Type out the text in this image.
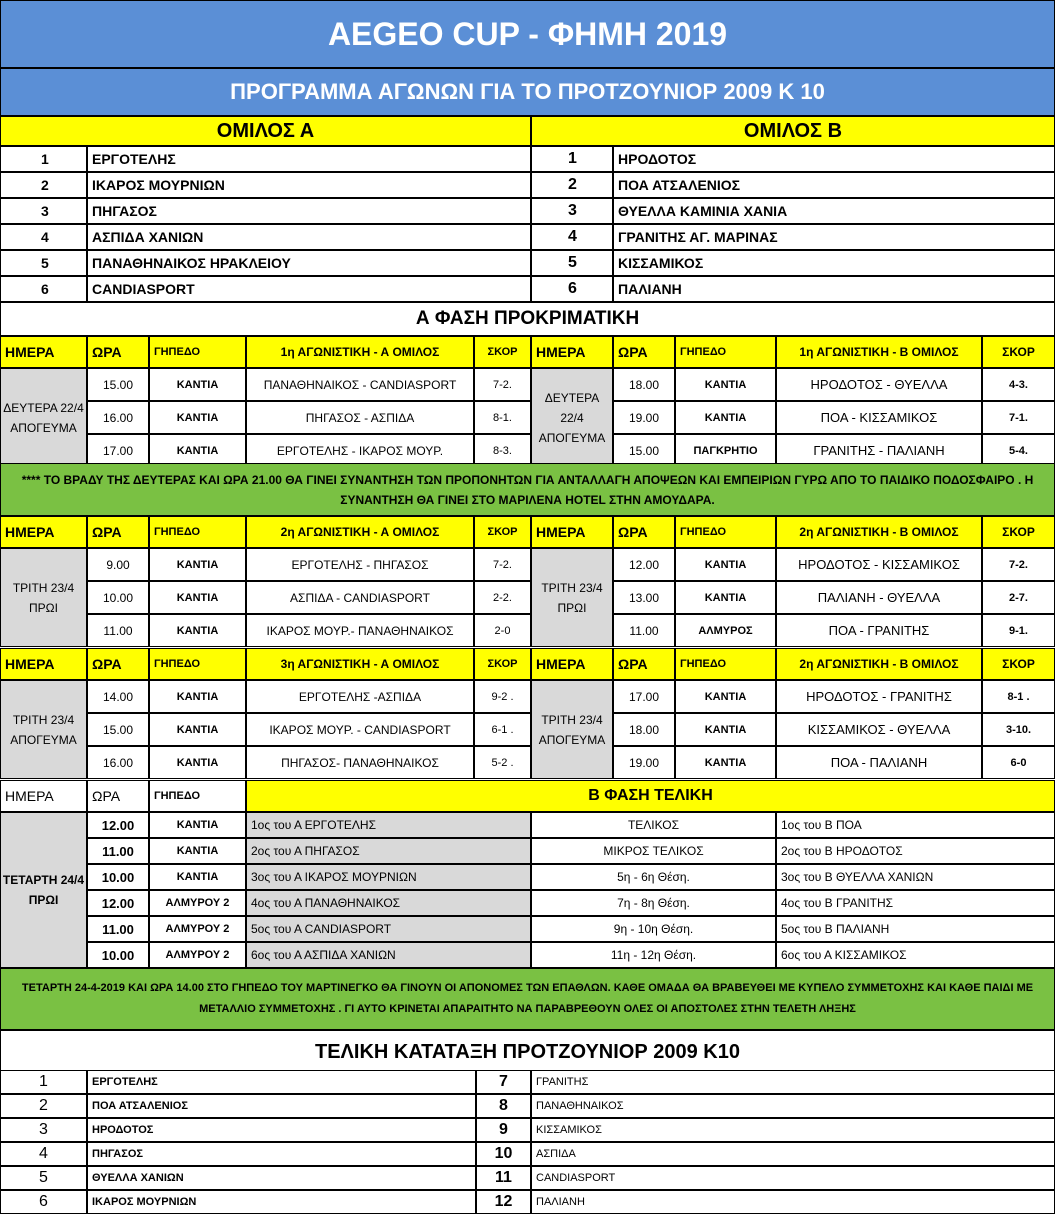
AEGEO CUP - ΦΗΜΗ 2019
ΠΡΟΓΡΑΜΜΑ ΑΓΩΝΩΝ ΓΙΑ ΤΟ ΠΡΟΤΖΟΥΝΙΟΡ 2009 Κ 10
ΟΜΙΛΟΣ Α	ΟΜΙΛΟΣ Β
1	ΕΡΓΟΤΕΛΗΣ	1	ΗΡΟΔΟΤΟΣ
2	ΙΚΑΡΟΣ ΜΟΥΡΝΙΩΝ	2	ΠΟΑ ΑΤΣΑΛΕΝΙΟΣ
3	ΠΗΓΑΣΟΣ	3	ΘΥΕΛΛΑ ΚΑΜΙΝΙΑ ΧΑΝΙΑ
4	ΑΣΠΙΔΑ ΧΑΝΙΩΝ	4	ΓΡΑΝΙΤΗΣ ΑΓ. ΜΑΡΙΝΑΣ
5	ΠΑΝΑΘΗΝΑΙΚΟΣ ΗΡΑΚΛΕΙΟΥ	5	ΚΙΣΣΑΜΙΚΟΣ
6	CANDIASPORT	6	ΠΑΛΙΑΝΗ
Α ΦΑΣΗ ΠΡΟΚΡΙΜΑΤΙΚΗ
ΗΜΕΡΑ	ΩΡΑ	ΓΗΠΕΔΟ	1η ΑΓΩΝΙΣΤΙΚΗ - Α ΟΜΙΛΟΣ	ΣΚΟΡ	ΗΜΕΡΑ	ΩΡΑ	ΓΗΠΕΔΟ	1η ΑΓΩΝΙΣΤΙΚΗ - Β ΟΜΙΛΟΣ	ΣΚΟΡ
ΔΕΥΤΕΡΑ 22/4 ΑΠΟΓΕΥΜΑ
ΔΕΥΤΕΡΑ 22/4 ΑΠΟΓΕΥΜΑ
15.00	ΚΑΝΤΙΑ	ΠΑΝΑΘΗΝΑΙΚΟΣ - CANDIASPORT	7-2.	18.00	ΚΑΝΤΙΑ	ΗΡΟΔΟΤΟΣ - ΘΥΕΛΛΑ	4-3.
16.00	ΚΑΝΤΙΑ	ΠΗΓΑΣΟΣ - ΑΣΠΙΔΑ	8-1.	19.00	ΚΑΝΤΙΑ	ΠΟΑ - ΚΙΣΣΑΜΙΚΟΣ	7-1.
17.00	ΚΑΝΤΙΑ	ΕΡΓΟΤΕΛΗΣ - ΙΚΑΡΟΣ ΜΟΥΡ.	8-3.	15.00	ΠΑΓΚΡΗΤΙΟ	ΓΡΑΝΙΤΗΣ - ΠΑΛΙΑΝΗ	5-4.
ΗΜΕΡΑ	ΩΡΑ	ΓΗΠΕΔΟ	2η ΑΓΩΝΙΣΤΙΚΗ - Α ΟΜΙΛΟΣ	ΣΚΟΡ	ΗΜΕΡΑ	ΩΡΑ	ΓΗΠΕΔΟ	2η ΑΓΩΝΙΣΤΙΚΗ - Β ΟΜΙΛΟΣ	ΣΚΟΡ
ΤΡΙΤΗ 23/4 ΠΡΩΙ
ΤΡΙΤΗ 23/4 ΠΡΩΙ
9.00	ΚΑΝΤΙΑ	ΕΡΓΟΤΕΛΗΣ - ΠΗΓΑΣΟΣ	7-2.	12.00	ΚΑΝΤΙΑ	ΗΡΟΔΟΤΟΣ - ΚΙΣΣΑΜΙΚΟΣ	7-2.
10.00	ΚΑΝΤΙΑ	ΑΣΠΙΔΑ - CANDIASPORT	2-2.	13.00	ΚΑΝΤΙΑ	ΠΑΛΙΑΝΗ - ΘΥΕΛΛΑ	2-7.
11.00	ΚΑΝΤΙΑ	ΙΚΑΡΟΣ ΜΟΥΡ.- ΠΑΝΑΘΗΝΑΙΚΟΣ	2-0	11.00	ΑΛΜΥΡΟΣ	ΠΟΑ - ΓΡΑΝΙΤΗΣ	9-1.
ΗΜΕΡΑ	ΩΡΑ	ΓΗΠΕΔΟ	3η ΑΓΩΝΙΣΤΙΚΗ - Α ΟΜΙΛΟΣ	ΣΚΟΡ	ΗΜΕΡΑ	ΩΡΑ	ΓΗΠΕΔΟ	2η ΑΓΩΝΙΣΤΙΚΗ - Β ΟΜΙΛΟΣ	ΣΚΟΡ
ΤΡΙΤΗ 23/4 ΑΠΟΓΕΥΜΑ
ΤΡΙΤΗ 23/4 ΑΠΟΓΕΥΜΑ
14.00	ΚΑΝΤΙΑ	ΕΡΓΟΤΕΛΗΣ -ΑΣΠΙΔΑ	9-2 .	17.00	ΚΑΝΤΙΑ	ΗΡΟΔΟΤΟΣ - ΓΡΑΝΙΤΗΣ	8-1 .
15.00	ΚΑΝΤΙΑ	ΙΚΑΡΟΣ ΜΟΥΡ. - CANDIASPORT	6-1 .	18.00	ΚΑΝΤΙΑ	ΚΙΣΣΑΜΙΚΟΣ - ΘΥΕΛΛΑ	3-10.
16.00	ΚΑΝΤΙΑ	ΠΗΓΑΣΟΣ- ΠΑΝΑΘΗΝΑΙΚΟΣ	5-2 .	19.00	ΚΑΝΤΙΑ	ΠΟΑ - ΠΑΛΙΑΝΗ	6-0
**** ΤΟ ΒΡΑΔΥ ΤΗΣ ΔΕΥΤΕΡΑΣ ΚΑΙ ΩΡΑ 21.00 ΘΑ ΓΙΝΕΙ ΣΥΝΑΝΤΗΣΗ ΤΩΝ ΠΡΟΠΟΝΗΤΩΝ ΓΙΑ ΑΝΤΑΛΛΑΓΗ ΑΠΟΨΕΩΝ ΚΑΙ ΕΜΠΕΙΡΙΩΝ ΓΥΡΩ ΑΠΟ ΤΟ ΠΑΙΔΙΚΟ ΠΟΔΟΣΦΑΙΡΟ . Η ΣΥΝΑΝΤΗΣΗ ΘΑ ΓΙΝΕΙ ΣΤΟ ΜΑΡΙΛΕΝΑ HOTEL ΣΤΗΝ ΑΜΟΥΔΑΡΑ.
ΗΜΕΡΑ	ΩΡΑ	ΓΗΠΕΔΟ	Β ΦΑΣΗ ΤΕΛΙΚΗ
ΤΕΤΑΡΤΗ 24/4 ΠΡΩΙ
12.00	ΚΑΝΤΙΑ	1ος του Α ΕΡΓΟΤΕΛΗΣ	ΤΕΛΙΚΟΣ	1ος του Β ΠΟΑ
11.00	ΚΑΝΤΙΑ	2ος του Α ΠΗΓΑΣΟΣ	ΜΙΚΡΟΣ ΤΕΛΙΚΟΣ	2ος του Β ΗΡΟΔΟΤΟΣ
10.00	ΚΑΝΤΙΑ	3ος του Α ΙΚΑΡΟΣ ΜΟΥΡΝΙΩΝ	5η - 6η Θέση.	3ος του Β ΘΥΕΛΛΑ ΧΑΝΙΩΝ
12.00	ΑΛΜΥΡΟΥ 2	4ος του Α ΠΑΝΑΘΗΝΑΙΚΟΣ	7η - 8η Θέση.	4ος του Β ΓΡΑΝΙΤΗΣ
11.00	ΑΛΜΥΡΟΥ 2	5ος του Α CANDIASPORT	9η - 10η Θέση.	5ος του Β ΠΑΛΙΑΝΗ
10.00	ΑΛΜΥΡΟΥ 2	6ος του Α ΑΣΠΙΔΑ ΧΑΝΙΩΝ	11η - 12η Θέση.	6ος του Α ΚΙΣΣΑΜΙΚΟΣ
ΤΕΤΑΡΤΗ 24-4-2019 ΚΑΙ ΩΡΑ 14.00 ΣΤΟ ΓΗΠΕΔΟ ΤΟΥ ΜΑΡΤΙΝΕΓΚΟ ΘΑ ΓΙΝΟΥΝ ΟΙ ΑΠΟΝΟΜΕΣ ΤΩΝ ΕΠΑΘΛΩΝ. ΚΑΘΕ ΟΜΑΔΑ ΘΑ ΒΡΑΒΕΥΘΕΙ ΜΕ ΚΥΠΕΛΟ ΣΥΜΜΕΤΟΧΗΣ ΚΑΙ ΚΑΘΕ ΠΑΙΔΙ ΜΕ ΜΕΤΑΛΛΙΟ ΣΥΜΜΕΤΟΧΗΣ . ΓΙ ΑΥΤΟ ΚΡΙΝΕΤΑΙ ΑΠΑΡΑΙΤΗΤΟ ΝΑ ΠΑΡΑΒΡΕΘΟΥΝ ΟΛΕΣ ΟΙ ΑΠΟΣΤΟΛΕΣ ΣΤΗΝ ΤΕΛΕΤΗ ΛΗΞΗΣ
ΤΕΛΙΚΗ ΚΑΤΑΤΑΞΗ ΠΡΟΤΖΟΥΝΙΟΡ 2009 Κ10
1	ΕΡΓΟΤΕΛΗΣ	7	ΓΡΑΝΙΤΗΣ
2	ΠΟΑ ΑΤΣΑΛΕΝΙΟΣ	8	ΠΑΝΑΘΗΝΑΙΚΟΣ
3	ΗΡΟΔΟΤΟΣ	9	ΚΙΣΣΑΜΙΚΟΣ
4	ΠΗΓΑΣΟΣ	10	ΑΣΠΙΔΑ
5	ΘΥΕΛΛΑ ΧΑΝΙΩΝ	11	CANDIASPORT
6	ΙΚΑΡΟΣ ΜΟΥΡΝΙΩΝ	12	ΠΑΛΙΑΝΗ
